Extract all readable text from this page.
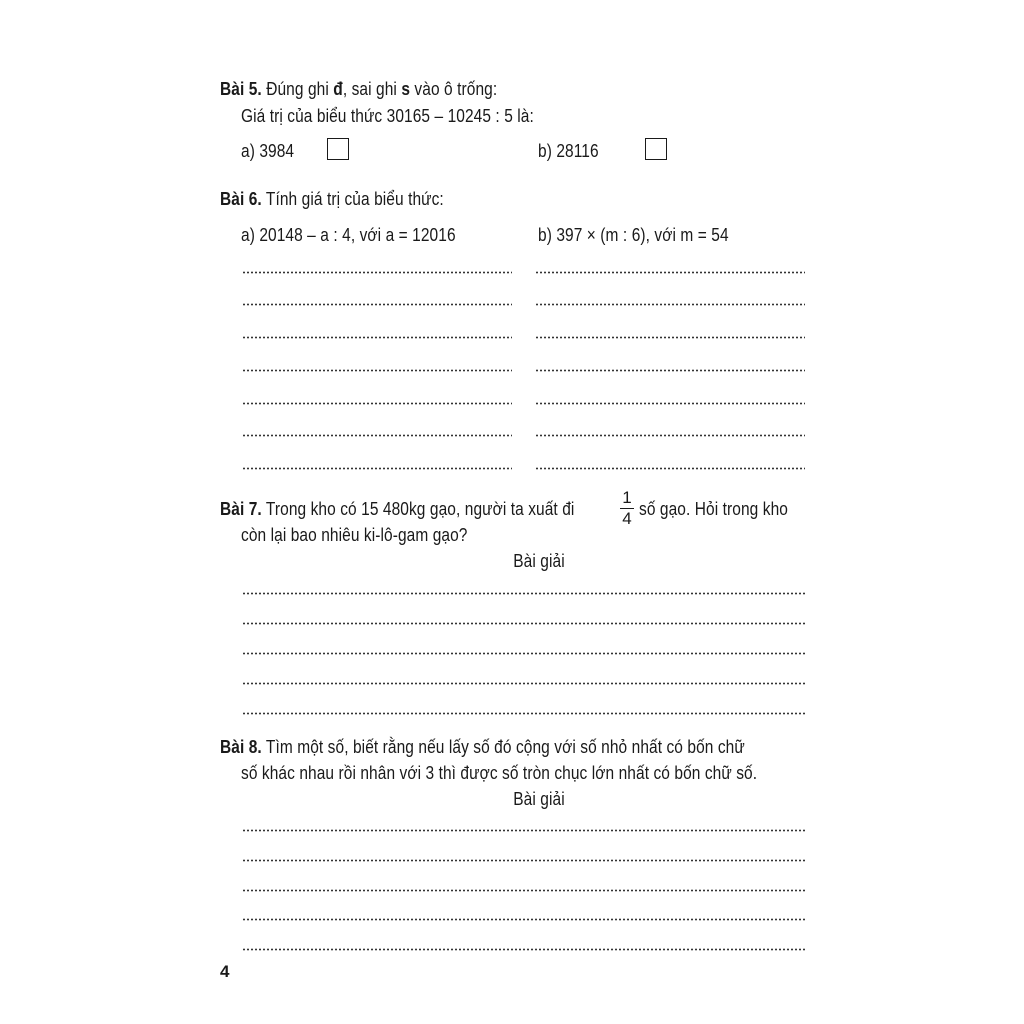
Bài 5. Đúng ghi đ, sai ghi s vào ô trống:
Giá trị của biểu thức 30165 – 10245 : 5 là:
a) 3984	b) 28116
Bài 6. Tính giá trị của biểu thức:
a) 20148 – a : 4, với a = 12016	b) 397 × (m : 6), với m = 54
Bài 7. Trong kho có 15 480kg gạo, người ta xuất đi
1
4 số gạo. Hỏi trong kho
còn lại bao nhiêu ki-lô-gam gạo?
Bài giải
Bài 8. Tìm một số, biết rằng nếu lấy số đó cộng với số nhỏ nhất có bốn chữ
số khác nhau rồi nhân với 3 thì được số tròn chục lớn nhất có bốn chữ số.
Bài giải
4
